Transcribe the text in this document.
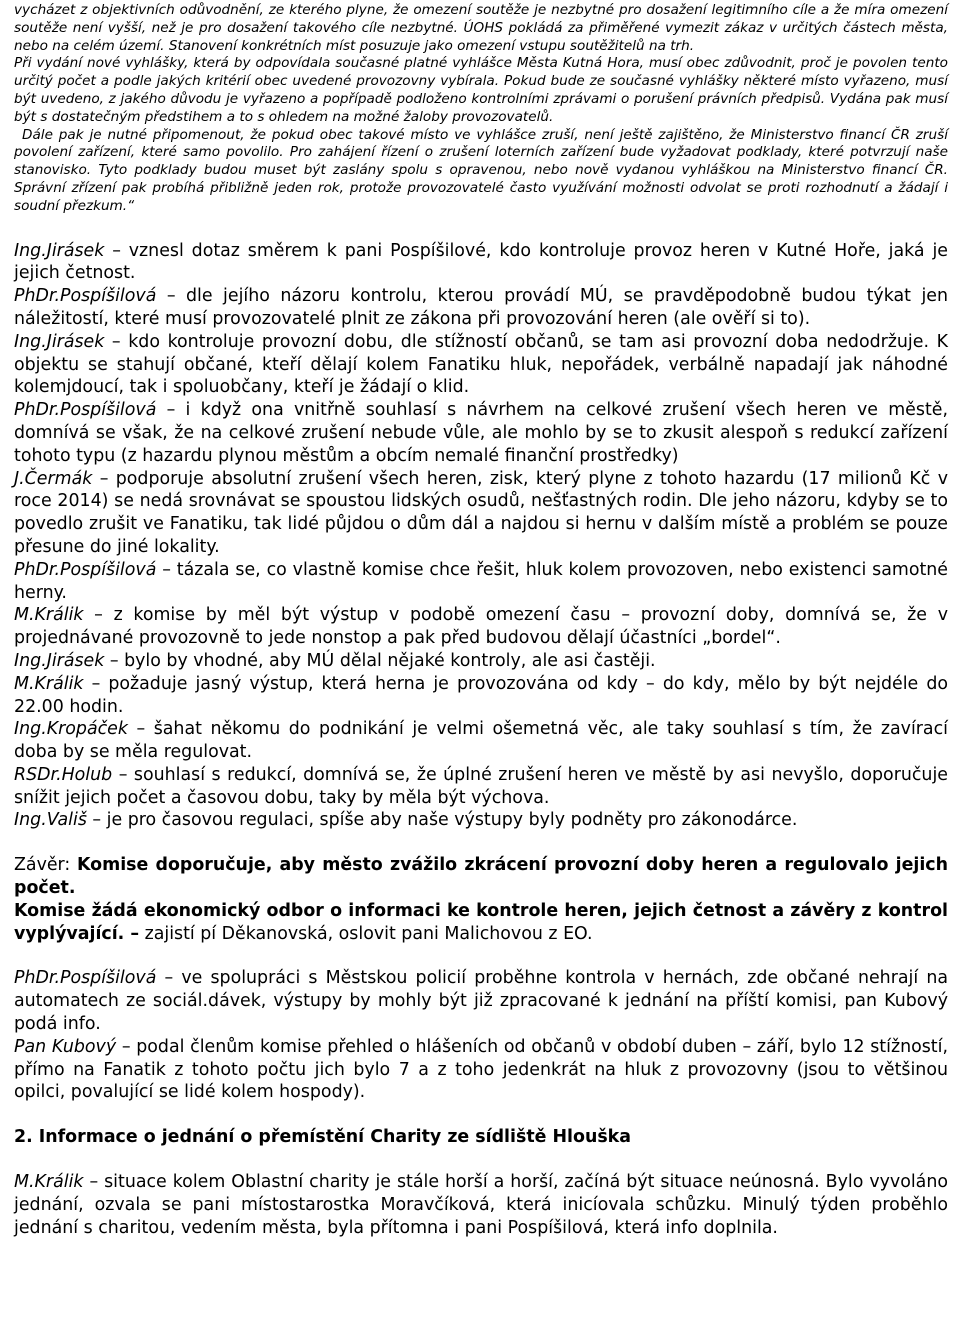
vycházet z objektivních odůvodnění, ze kterého plyne, že omezení soutěže je nezbytné pro dosažení legitimního cíle a že míra omezení soutěže není vyšší, než je pro dosažení takového cíle nezbytné. ÚOHS pokládá za přiměřené vymezit zákaz v určitých částech města, nebo na celém území. Stanovení konkrétních míst posuzuje jako omezení vstupu soutěžitelů na trh.

Při vydání nové vyhlášky, která by odpovídala současné platné vyhlášce Města Kutná Hora, musí obec zdůvodnit, proč je povolen tento určitý počet a podle jakých kritérií obec uvedené provozovny vybírala. Pokud bude ze současné vyhlášky některé místo vyřazeno, musí být uvedeno, z jakého důvodu je vyřazeno a popřípadě podloženo kontrolními zprávami o porušení právních předpisů. Vydána pak musí být s dostatečným předstihem a to s ohledem na možné žaloby provozovatelů.

Dále pak je nutné připomenout, že pokud obec takové místo ve vyhlášce zruší, není ještě zajištěno, že Ministerstvo financí ČR zruší povolení zařízení, které samo povolilo. Pro zahájení řízení o zrušení loterních zařízení bude vyžadovat podklady, které potvrzují naše stanovisko. Tyto podklady budou muset být zaslány spolu s opravenou, nebo nově vydanou vyhláškou na Ministerstvo financí ČR. Správní zřízení pak probíhá přibližně jeden rok, protože provozovatelé často využívání možnosti odvolat se proti rozhodnutí a žádají i soudní přezkum.“

Ing.Jirásek – vznesl dotaz směrem k pani Pospíšilové, kdo kontroluje provoz heren v Kutné Hoře, jaká je jejich četnost.

PhDr.Pospíšilová – dle jejího názoru kontrolu, kterou provádí MÚ, se pravděpodobně budou týkat jen náležitostí, které musí provozovatelé plnit ze zákona při provozování heren (ale ověří si to).

Ing.Jirásek – kdo kontroluje provozní dobu, dle stížností občanů, se tam asi provozní doba nedodržuje. K objektu se stahují občané, kteří dělají kolem Fanatiku hluk, nepořádek, verbálně napadají jak náhodné kolemjdoucí, tak i spoluobčany, kteří je žádají o klid.

PhDr.Pospíšilová – i když ona vnitřně souhlasí s návrhem na celkové zrušení všech heren ve městě, domnívá se však, že na celkové zrušení nebude vůle, ale mohlo by se to zkusit alespoň s redukcí zařízení tohoto typu (z hazardu plynou městům a obcím nemalé finanční prostředky)

J.Čermák – podporuje absolutní zrušení všech heren, zisk, který plyne z tohoto hazardu (17 milionů Kč v roce 2014) se nedá srovnávat se spoustou lidských osudů, nešťastných rodin. Dle jeho názoru, kdyby se to povedlo zrušit ve Fanatiku, tak lidé půjdou o dům dál a najdou si hernu v dalším místě a problém se pouze přesune do jiné lokality.

PhDr.Pospíšilová – tázala se, co vlastně komise chce řešit, hluk kolem provozoven, nebo existenci samotné herny.

M.Králik – z komise by měl být výstup v podobě omezení času – provozní doby, domnívá se, že v projednávané provozovně to jede nonstop a pak před budovou dělají účastníci „bordel“.

Ing.Jirásek – bylo by vhodné, aby MÚ dělal nějaké kontroly, ale asi častěji.

M.Králik – požaduje jasný výstup, která herna je provozována od kdy – do kdy, mělo by být nejdéle do 22.00 hodin.

Ing.Kropáček – šahat někomu do podnikání je velmi ošemetná věc, ale taky souhlasí s tím, že zavírací doba by se měla regulovat.

RSDr.Holub – souhlasí s redukcí, domnívá se, že úplné zrušení heren ve městě by asi nevyšlo, doporučuje snížit jejich počet a časovou dobu, taky by měla být výchova.

Ing.Vališ – je pro časovou regulaci, spíše aby naše výstupy byly podněty pro zákonodárce.

Závěr: Komise doporučuje, aby město zvážilo zkrácení provozní doby heren a regulovalo jejich počet.

Komise žádá ekonomický odbor o informaci ke kontrole heren, jejich četnost a závěry z kontrol vyplývající. – zajistí pí Děkanovská, oslovit pani Malichovou z EO.

PhDr.Pospíšilová – ve spolupráci s Městskou policií proběhne kontrola v hernách, zde občané nehrají na automatech ze sociál.dávek, výstupy by mohly být již zpracované k jednání na příští komisi, pan Kubový podá info.

Pan Kubový – podal členům komise přehled o hlášeních od občanů v období duben – září, bylo 12 stížností, přímo na Fanatik z tohoto počtu jich bylo 7 a z toho jedenkrát na hluk z provozovny (jsou to většinou opilci, povalující se lidé kolem hospody).

2. Informace o jednání o přemístění Charity ze sídliště Hlouška

M.Králik – situace kolem Oblastní charity je stále horší a horší, začíná být situace neúnosná. Bylo vyvoláno jednání, ozvala se pani místostarostka Moravčíková, která inicíovala schůzku. Minulý týden proběhlo jednání s charitou, vedením města, byla přítomna i pani Pospíšilová, která info doplnila.
